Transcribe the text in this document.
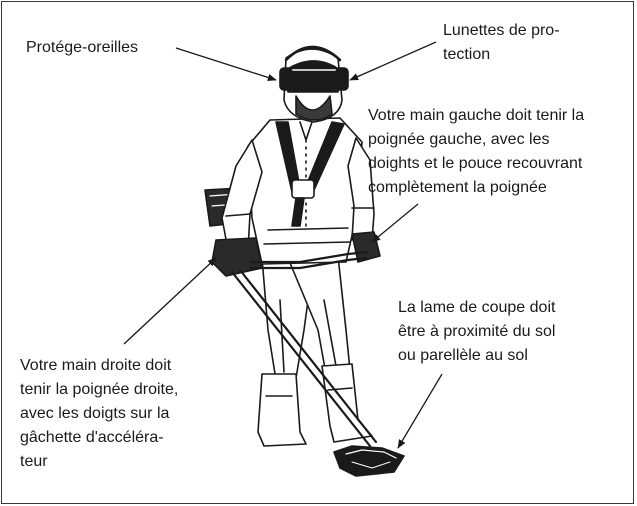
Protége-oreilles

Lunettes de pro-
tection

Votre main gauche doit tenir la
poignée gauche, avec les
doights et le pouce recouvrant
complètement la poignée

La lame de coupe doit
être à proximité du sol
ou parellèle au sol

Votre main droite doit
tenir la poignée droite,
avec les doigts sur la
gâchette d'accélérа-
teur
